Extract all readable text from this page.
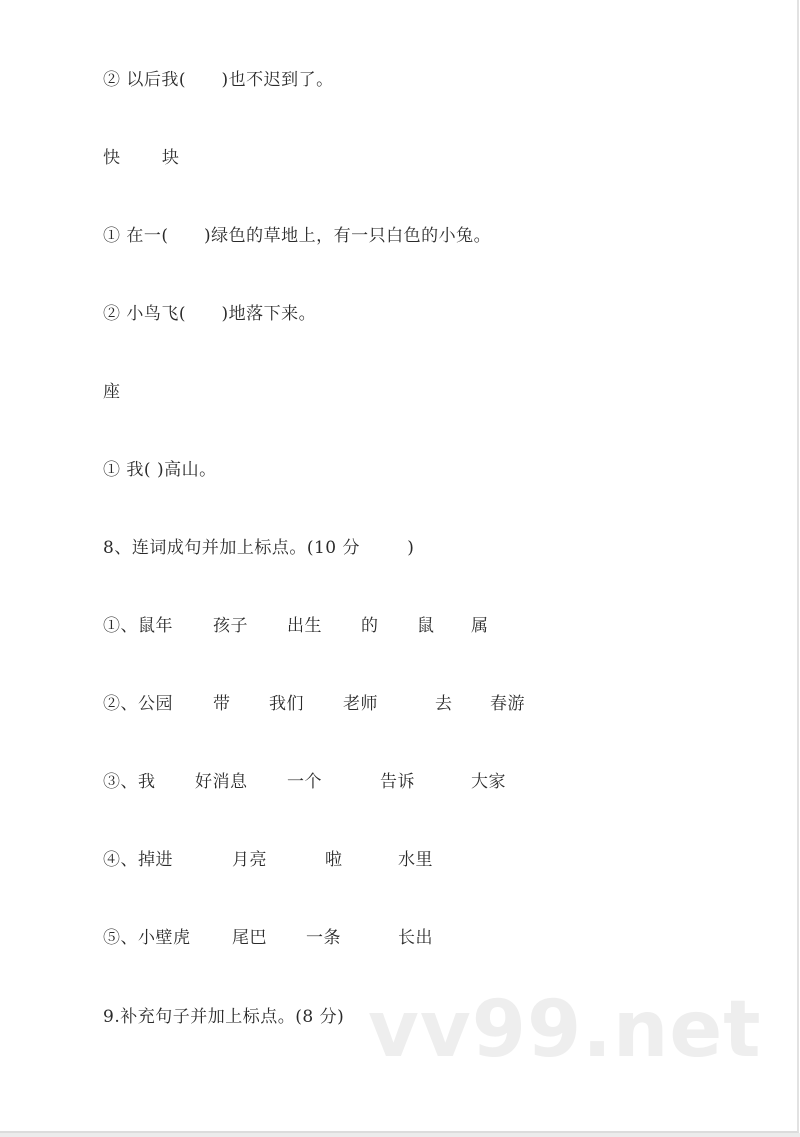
② 以后我(      )也不迟到了。
快       块
① 在一(      )绿色的草地上，有一只白色的小兔。
② 小鸟飞(      )地落下来。
座
① 我( )高山。
8、连词成句并加上标点。(10 分        )
①、鼠年 孩子 出生 的 鼠 属
②、公园 带 我们 老师	去 春游
③、我 好消息 一个	告诉	大家
④、掉进	月亮	啦	水里
⑤、小壁虎 尾巴 一条	长出
9.补充句子并加上标点。(8 分) vv99.net
